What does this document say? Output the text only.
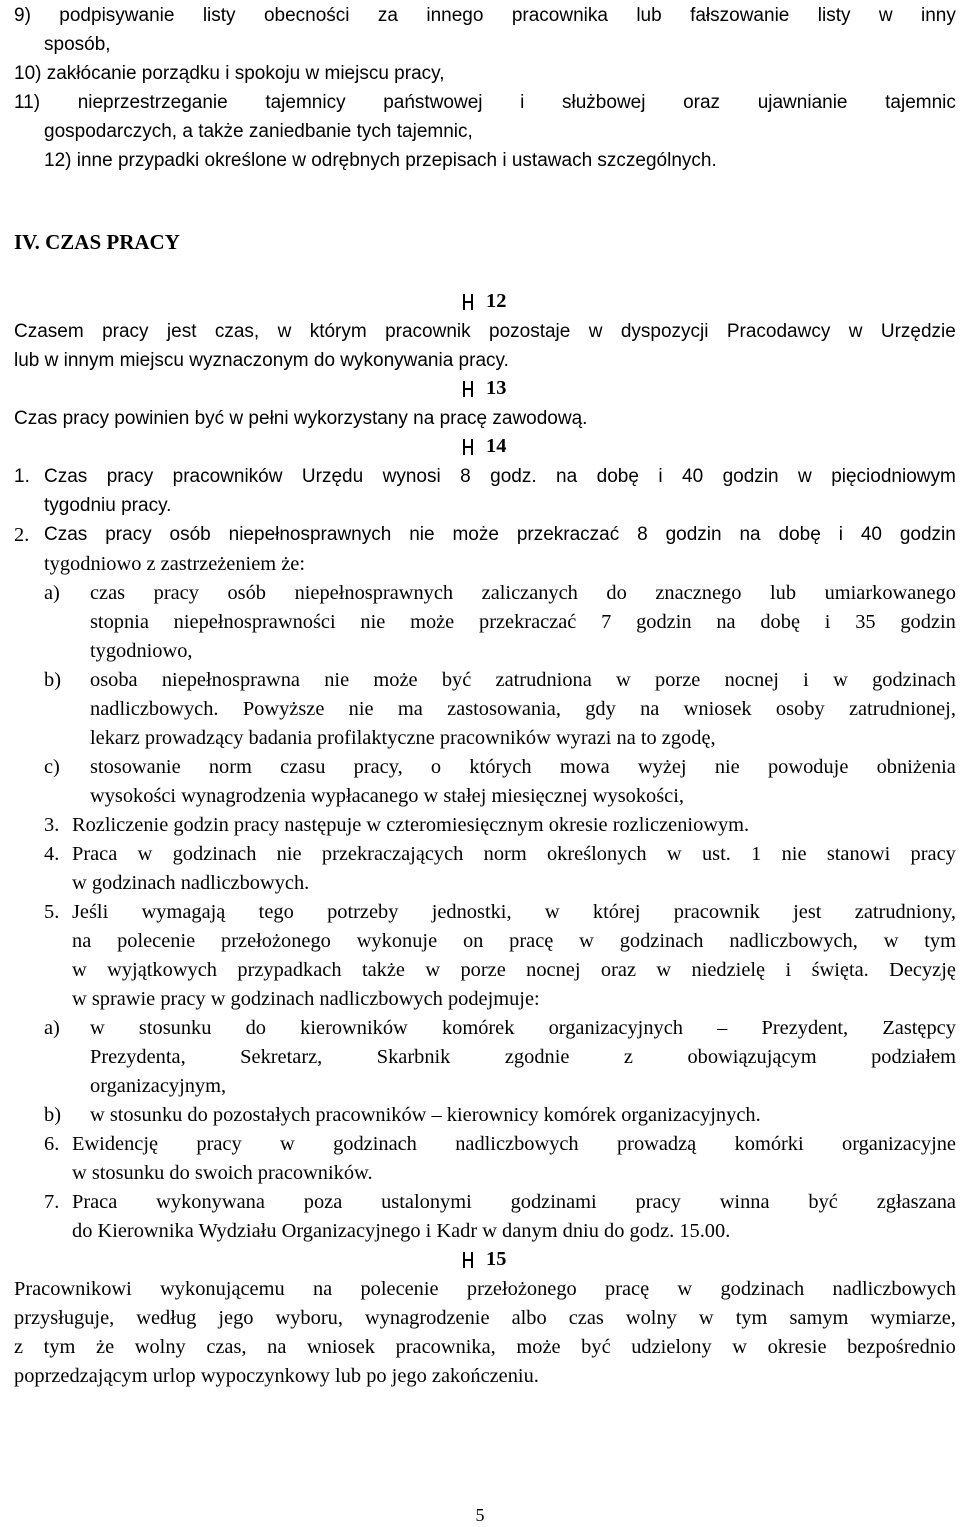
9) podpisywanie listy obecności za innego pracownika lub fałszowanie listy w inny
sposób,
10) zakłócanie porządku i spokoju w miejscu pracy,
11) nieprzestrzeganie tajemnicy państwowej i służbowej oraz ujawnianie tajemnic
gospodarczych, a także zaniedbanie tych tajemnic,
12) inne przypadki określone w odrębnych przepisach i ustawach szczególnych.
IV. CZAS PRACY
12
Czasem pracy jest czas, w którym pracownik pozostaje w dyspozycji Pracodawcy w Urzędzie
lub w innym miejscu wyznaczonym do wykonywania pracy.
13
Czas pracy powinien być w pełni wykorzystany na pracę zawodową.
14
1. Czas pracy pracowników Urzędu wynosi 8 godz. na dobę i 40 godzin w pięciodniowym
tygodniu pracy.
2. Czas pracy osób niepełnosprawnych nie może przekraczać 8 godzin na dobę i 40 godzin
tygodniowo z zastrzeżeniem że:
a) czas pracy osób niepełnosprawnych zaliczanych do znacznego lub umiarkowanego
stopnia niepełnosprawności nie może przekraczać 7 godzin na dobę i 35 godzin
tygodniowo,
b) osoba niepełnosprawna nie może być zatrudniona w porze nocnej i w godzinach
nadliczbowych. Powyższe nie ma zastosowania, gdy na wniosek osoby zatrudnionej,
lekarz prowadzący badania profilaktyczne pracowników wyrazi na to zgodę,
c) stosowanie norm czasu pracy, o których mowa wyżej nie powoduje obniżenia
wysokości wynagrodzenia wypłacanego w stałej miesięcznej wysokości,
3. Rozliczenie godzin pracy następuje w czteromiesięcznym okresie rozliczeniowym.
4. Praca w godzinach nie przekraczających norm określonych w ust. 1 nie stanowi pracy
w godzinach nadliczbowych.
5. Jeśli wymagają tego potrzeby jednostki, w której pracownik jest zatrudniony,
na polecenie przełożonego wykonuje on pracę w godzinach nadliczbowych, w tym
w wyjątkowych przypadkach także w porze nocnej oraz w niedzielę i święta. Decyzję
w sprawie pracy w godzinach nadliczbowych podejmuje:
a) w stosunku do kierowników komórek organizacyjnych – Prezydent, Zastępcy
Prezydenta,	Sekretarz,	Skarbnik	zgodnie	z	obowiązującym	podziałem
organizacyjnym,
b) w stosunku do pozostałych pracowników – kierownicy komórek organizacyjnych.
6. Ewidencję pracy w godzinach nadliczbowych prowadzą komórki organizacyjne
w stosunku do swoich pracowników.
7. Praca wykonywana poza ustalonymi godzinami pracy winna być zgłaszana
do Kierownika Wydziału Organizacyjnego i Kadr w danym dniu do godz. 15.00.
15
Pracownikowi wykonującemu na polecenie przełożonego pracę w godzinach nadliczbowych
przysługuje, według jego wyboru, wynagrodzenie albo czas wolny w tym samym wymiarze,
z tym że wolny czas, na wniosek pracownika, może być udzielony w okresie bezpośrednio
poprzedzającym urlop wypoczynkowy lub po jego zakończeniu.
5
